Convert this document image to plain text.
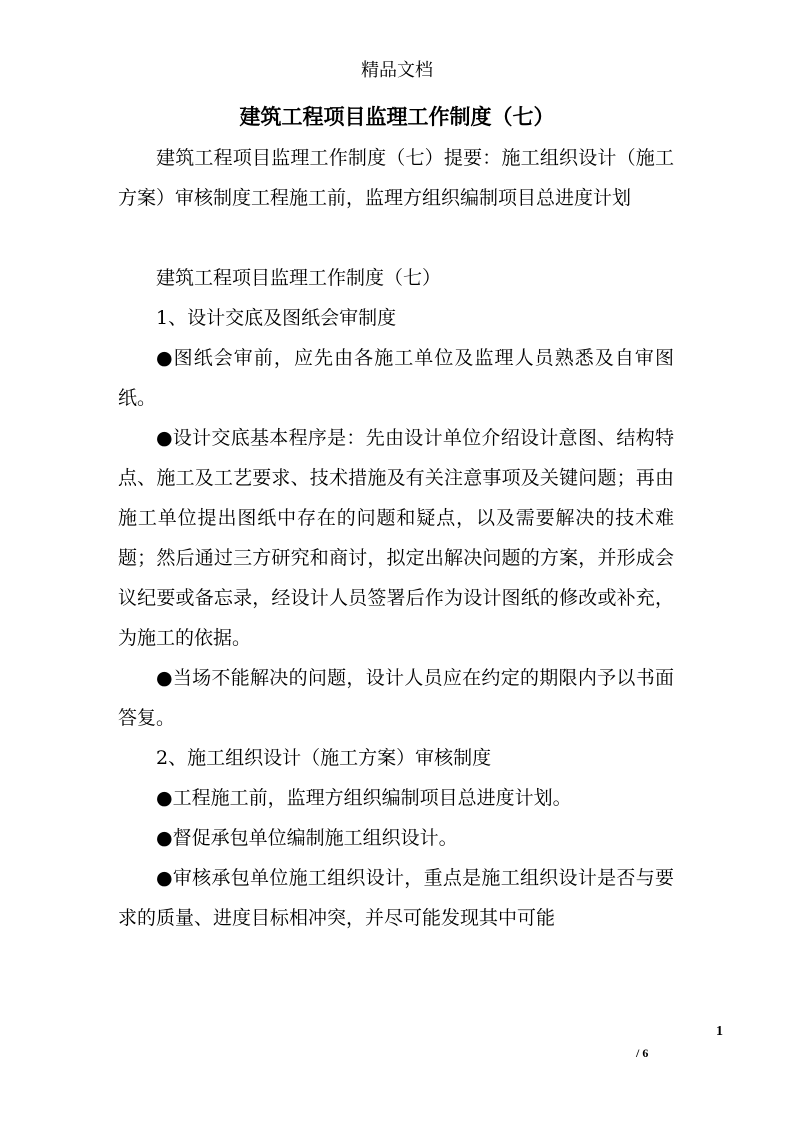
精品文档
建筑工程项目监理工作制度（七）

建筑工程项目监理工作制度（七）提要：施工组织设计（施工方案）审核制度工程施工前，监理方组织编制项目总进度计划

建筑工程项目监理工作制度（七）

1、设计交底及图纸会审制度

●图纸会审前，应先由各施工单位及监理人员熟悉及自审图纸。

●设计交底基本程序是：先由设计单位介绍设计意图、结构特点、施工及工艺要求、技术措施及有关注意事项及关键问题；再由施工单位提出图纸中存在的问题和疑点，以及需要解决的技术难题；然后通过三方研究和商讨，拟定出解决问题的方案，并形成会议纪要或备忘录，经设计人员签署后作为设计图纸的修改或补充，为施工的依据。

●当场不能解决的问题，设计人员应在约定的期限内予以书面答复。

2、施工组织设计（施工方案）审核制度

●工程施工前，监理方组织编制项目总进度计划。

●督促承包单位编制施工组织设计。

●审核承包单位施工组织设计，重点是施工组织设计是否与要求的质量、进度目标相冲突，并尽可能发现其中可能

1
/ 6
